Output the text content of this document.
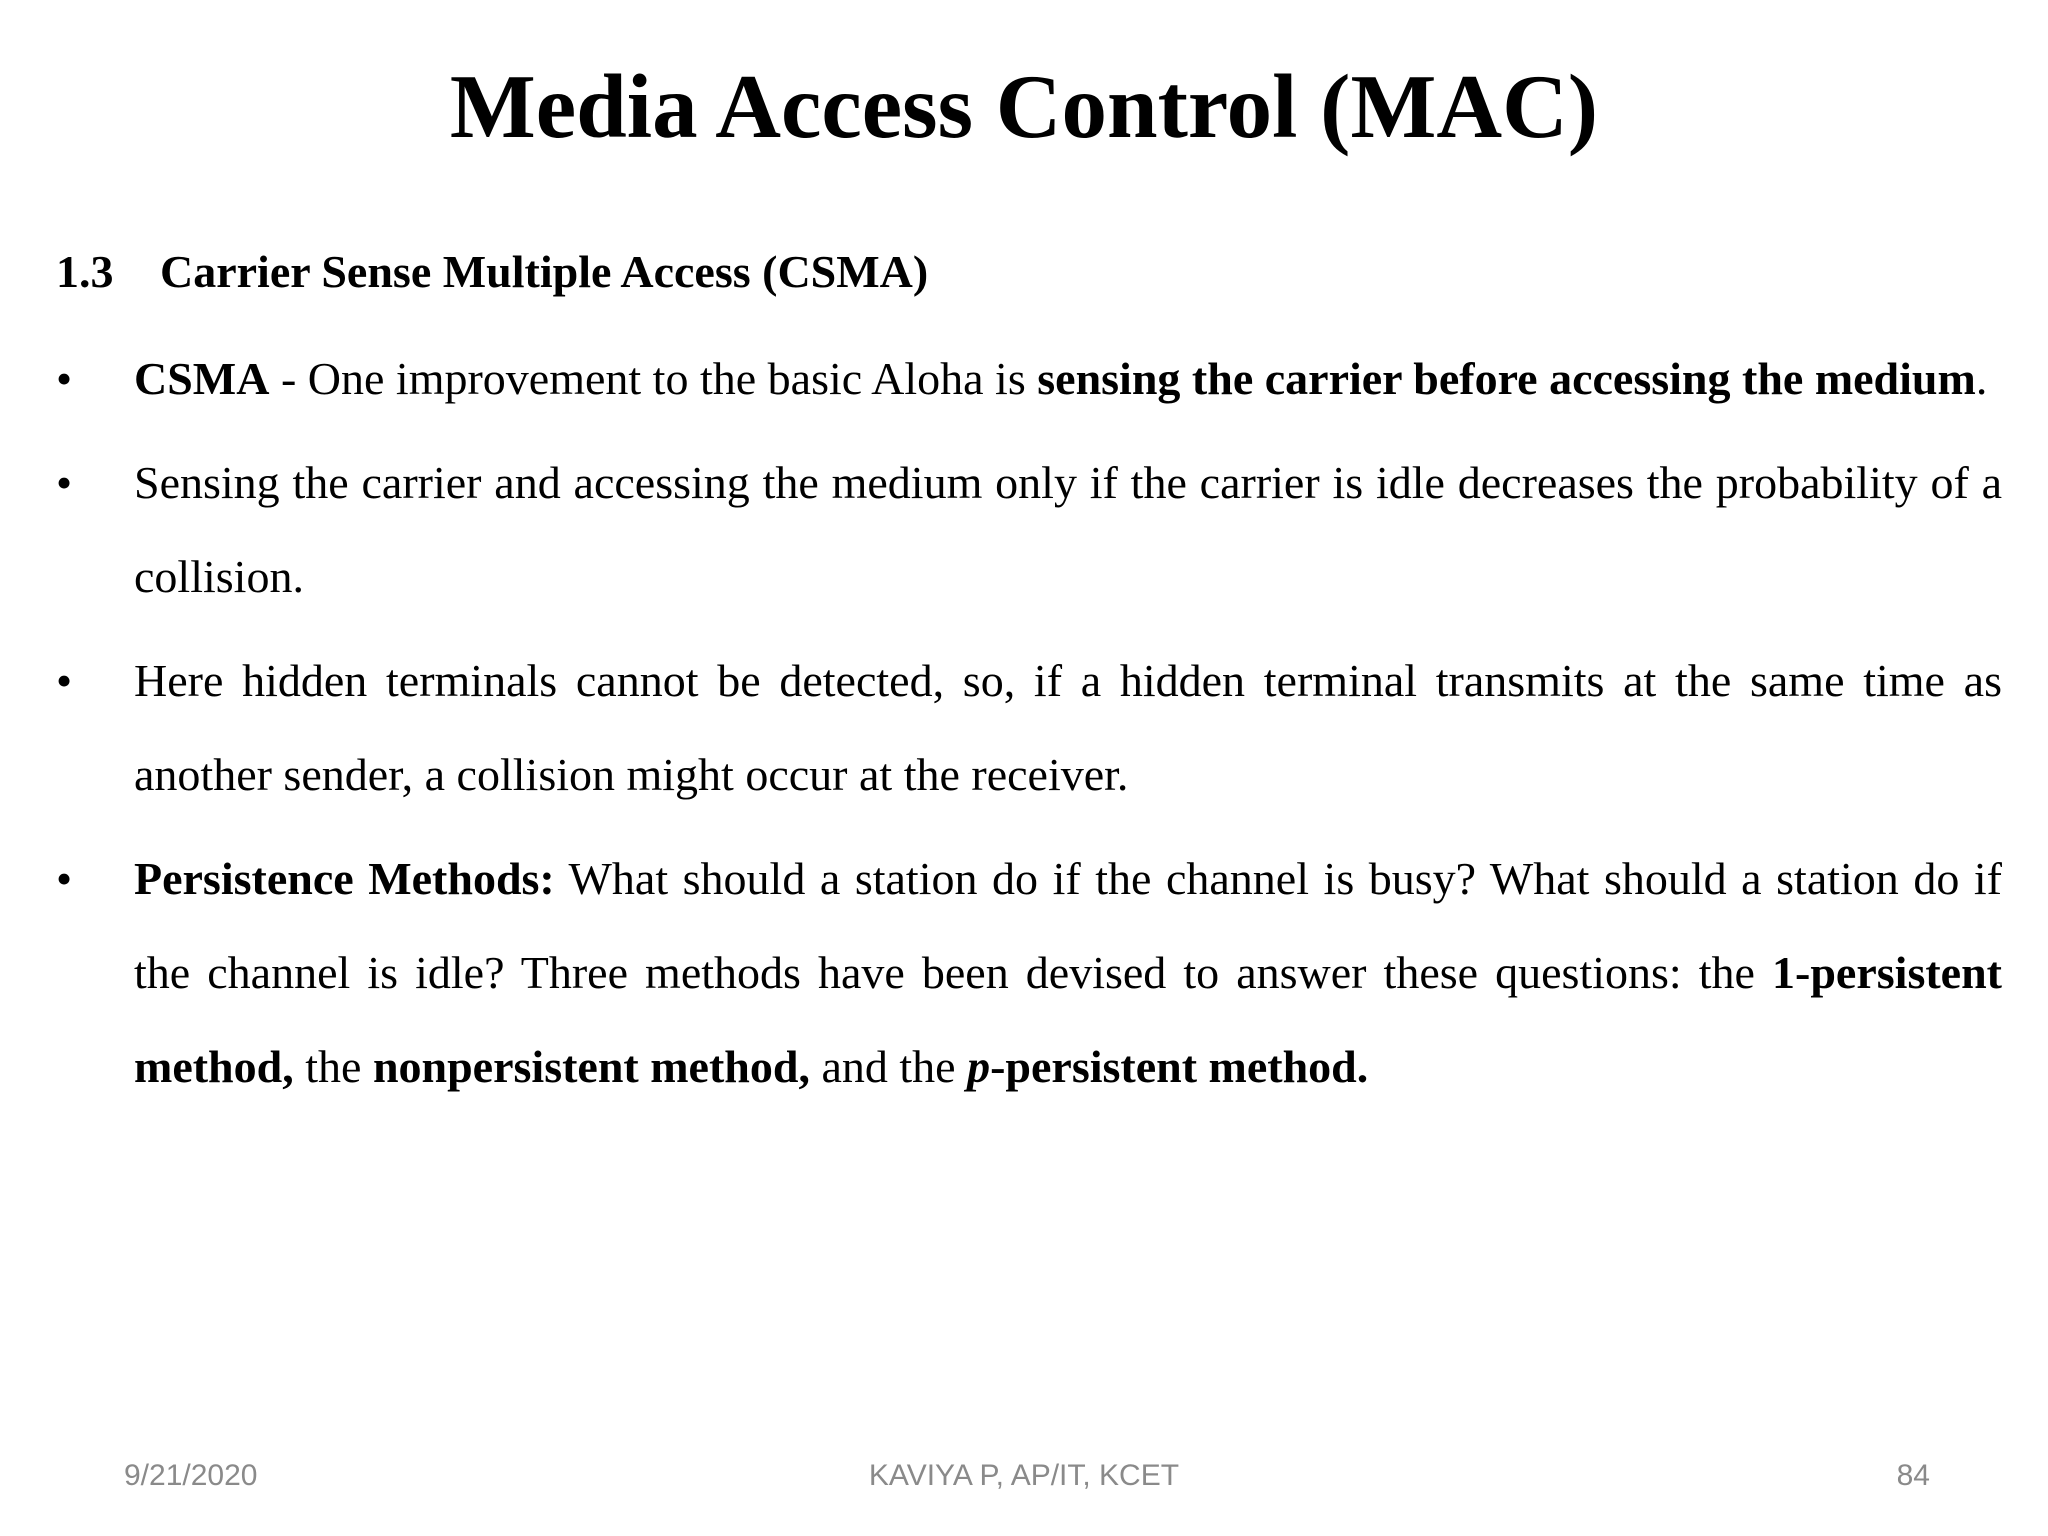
Media Access Control (MAC)
1.3 Carrier Sense Multiple Access (CSMA)
•	CSMA - One improvement to the basic Aloha is sensing the carrier before accessing the medium.
•	Sensing the carrier and accessing the medium only if the carrier is idle decreases the probability of a collision.
•	Here hidden terminals cannot be detected, so, if a hidden terminal transmits at the same time as another sender, a collision might occur at the receiver.
•	Persistence Methods: What should a station do if the channel is busy? What should a station do if the channel is idle? Three methods have been devised to answer these questions: the 1-persistent method, the nonpersistent method, and the p-persistent method.
9/21/2020	KAVIYA P, AP/IT, KCET	84
